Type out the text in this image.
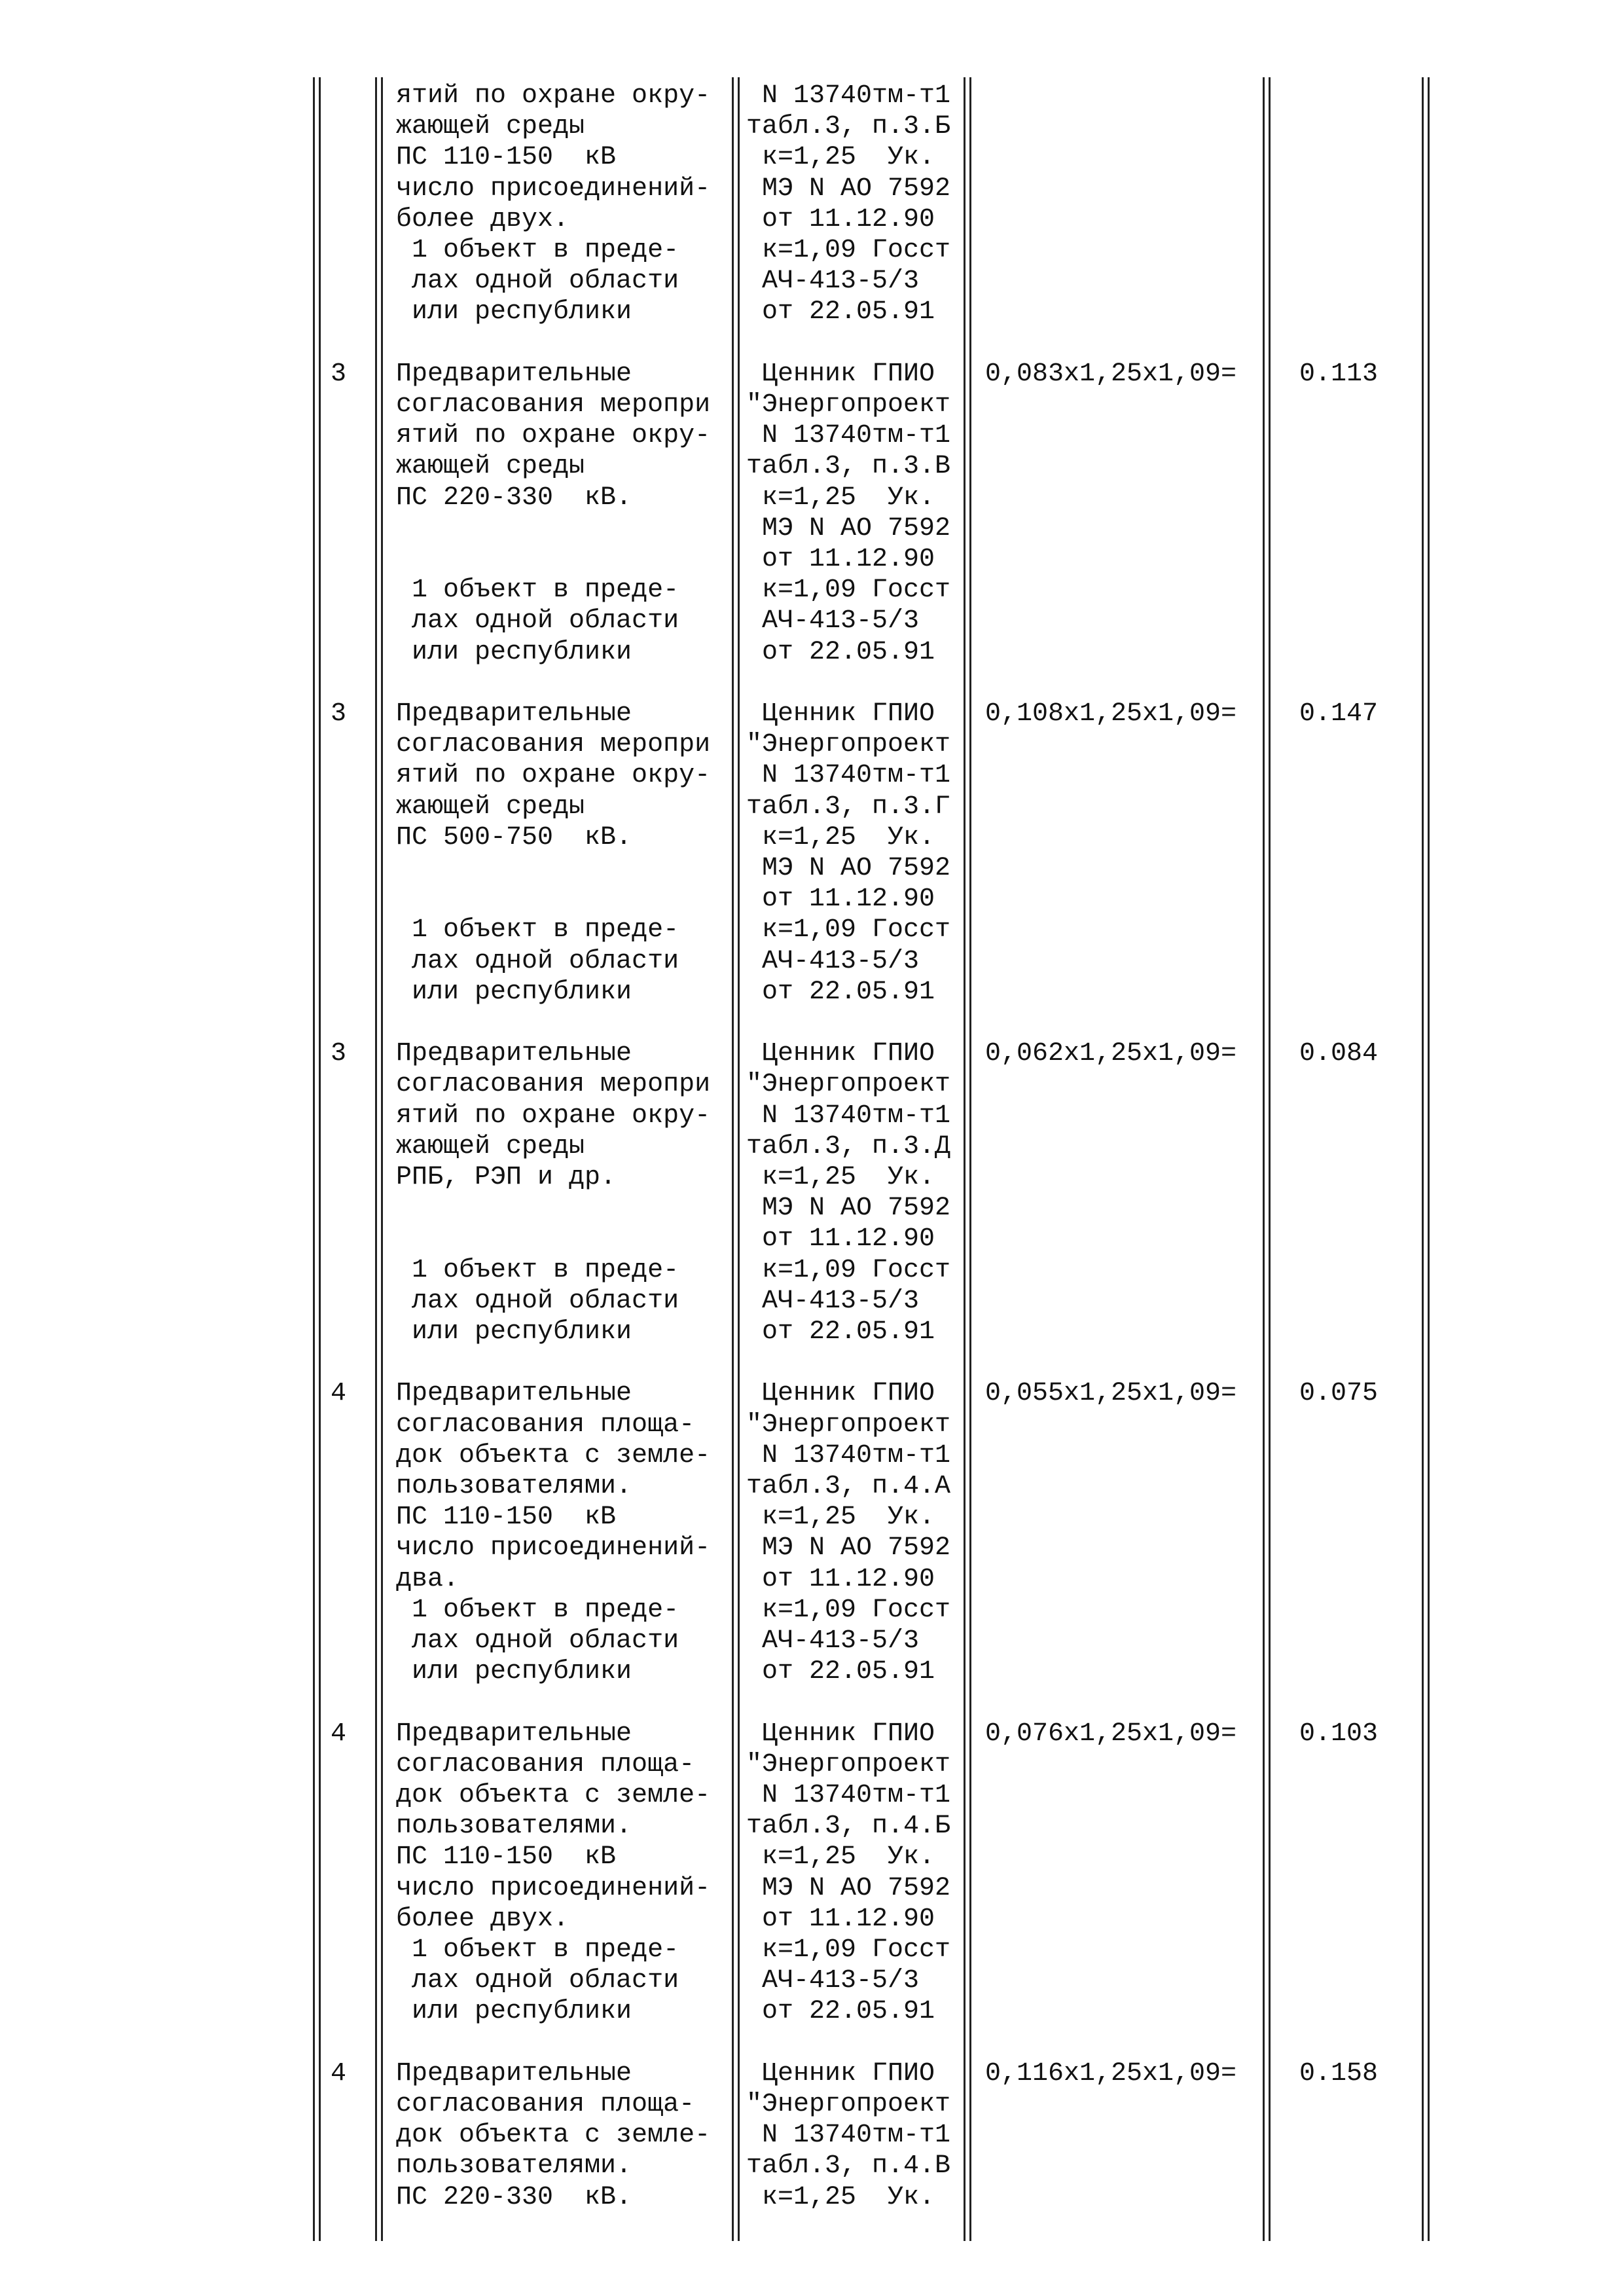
ятий по охране окру-
жающей среды
ПС 110-150  кВ
число присоединений-
более двух.
1 объект в преде-
лах одной области
или республики
N 13740тм-т1
табл.3, п.3.Б
к=1,25  Ук.
МЭ N АО 7592
от 11.12.90
к=1,09 Госст
АЧ-413-5/3
от 22.05.91
3 Предварительные
согласования меропри
ятий по охране окру-
жающей среды
ПС 220-330  кВ.

1 объект в преде-
лах одной области
или республики
Ценник ГПИО
"Энергопроект
N 13740тм-т1
табл.3, п.3.В
к=1,25  Ук.
МЭ N АО 7592
от 11.12.90
к=1,09 Госст
АЧ-413-5/3
от 22.05.91
0,083х1,25х1,09= 0.113
3 Предварительные
согласования меропри
ятий по охране окру-
жающей среды
ПС 500-750  кВ.

1 объект в преде-
лах одной области
или республики
Ценник ГПИО
"Энергопроект
N 13740тм-т1
табл.3, п.3.Г
к=1,25  Ук.
МЭ N АО 7592
от 11.12.90
к=1,09 Госст
АЧ-413-5/3
от 22.05.91
0,108х1,25х1,09= 0.147
3 Предварительные
согласования меропри
ятий по охране окру-
жающей среды
РПБ, РЭП и др.

1 объект в преде-
лах одной области
или республики
Ценник ГПИО
"Энергопроект
N 13740тм-т1
табл.3, п.3.Д
к=1,25  Ук.
МЭ N АО 7592
от 11.12.90
к=1,09 Госст
АЧ-413-5/3
от 22.05.91
0,062х1,25х1,09= 0.084
4 Предварительные
согласования площа-
док объекта с земле-
пользователями.
ПС 110-150  кВ
число присоединений-
два.
1 объект в преде-
лах одной области
или республики
Ценник ГПИО
"Энергопроект
N 13740тм-т1
табл.3, п.4.А
к=1,25  Ук.
МЭ N АО 7592
от 11.12.90
к=1,09 Госст
АЧ-413-5/3
от 22.05.91
0,055х1,25х1,09= 0.075
4 Предварительные
согласования площа-
док объекта с земле-
пользователями.
ПС 110-150  кВ
число присоединений-
более двух.
1 объект в преде-
лах одной области
или республики
Ценник ГПИО
"Энергопроект
N 13740тм-т1
табл.3, п.4.Б
к=1,25  Ук.
МЭ N АО 7592
от 11.12.90
к=1,09 Госст
АЧ-413-5/3
от 22.05.91
0,076х1,25х1,09= 0.103
4 Предварительные
согласования площа-
док объекта с земле-
пользователями.
ПС 220-330  кВ.
Ценник ГПИО
"Энергопроект
N 13740тм-т1
табл.3, п.4.В
к=1,25  Ук.
0,116х1,25х1,09= 0.158
